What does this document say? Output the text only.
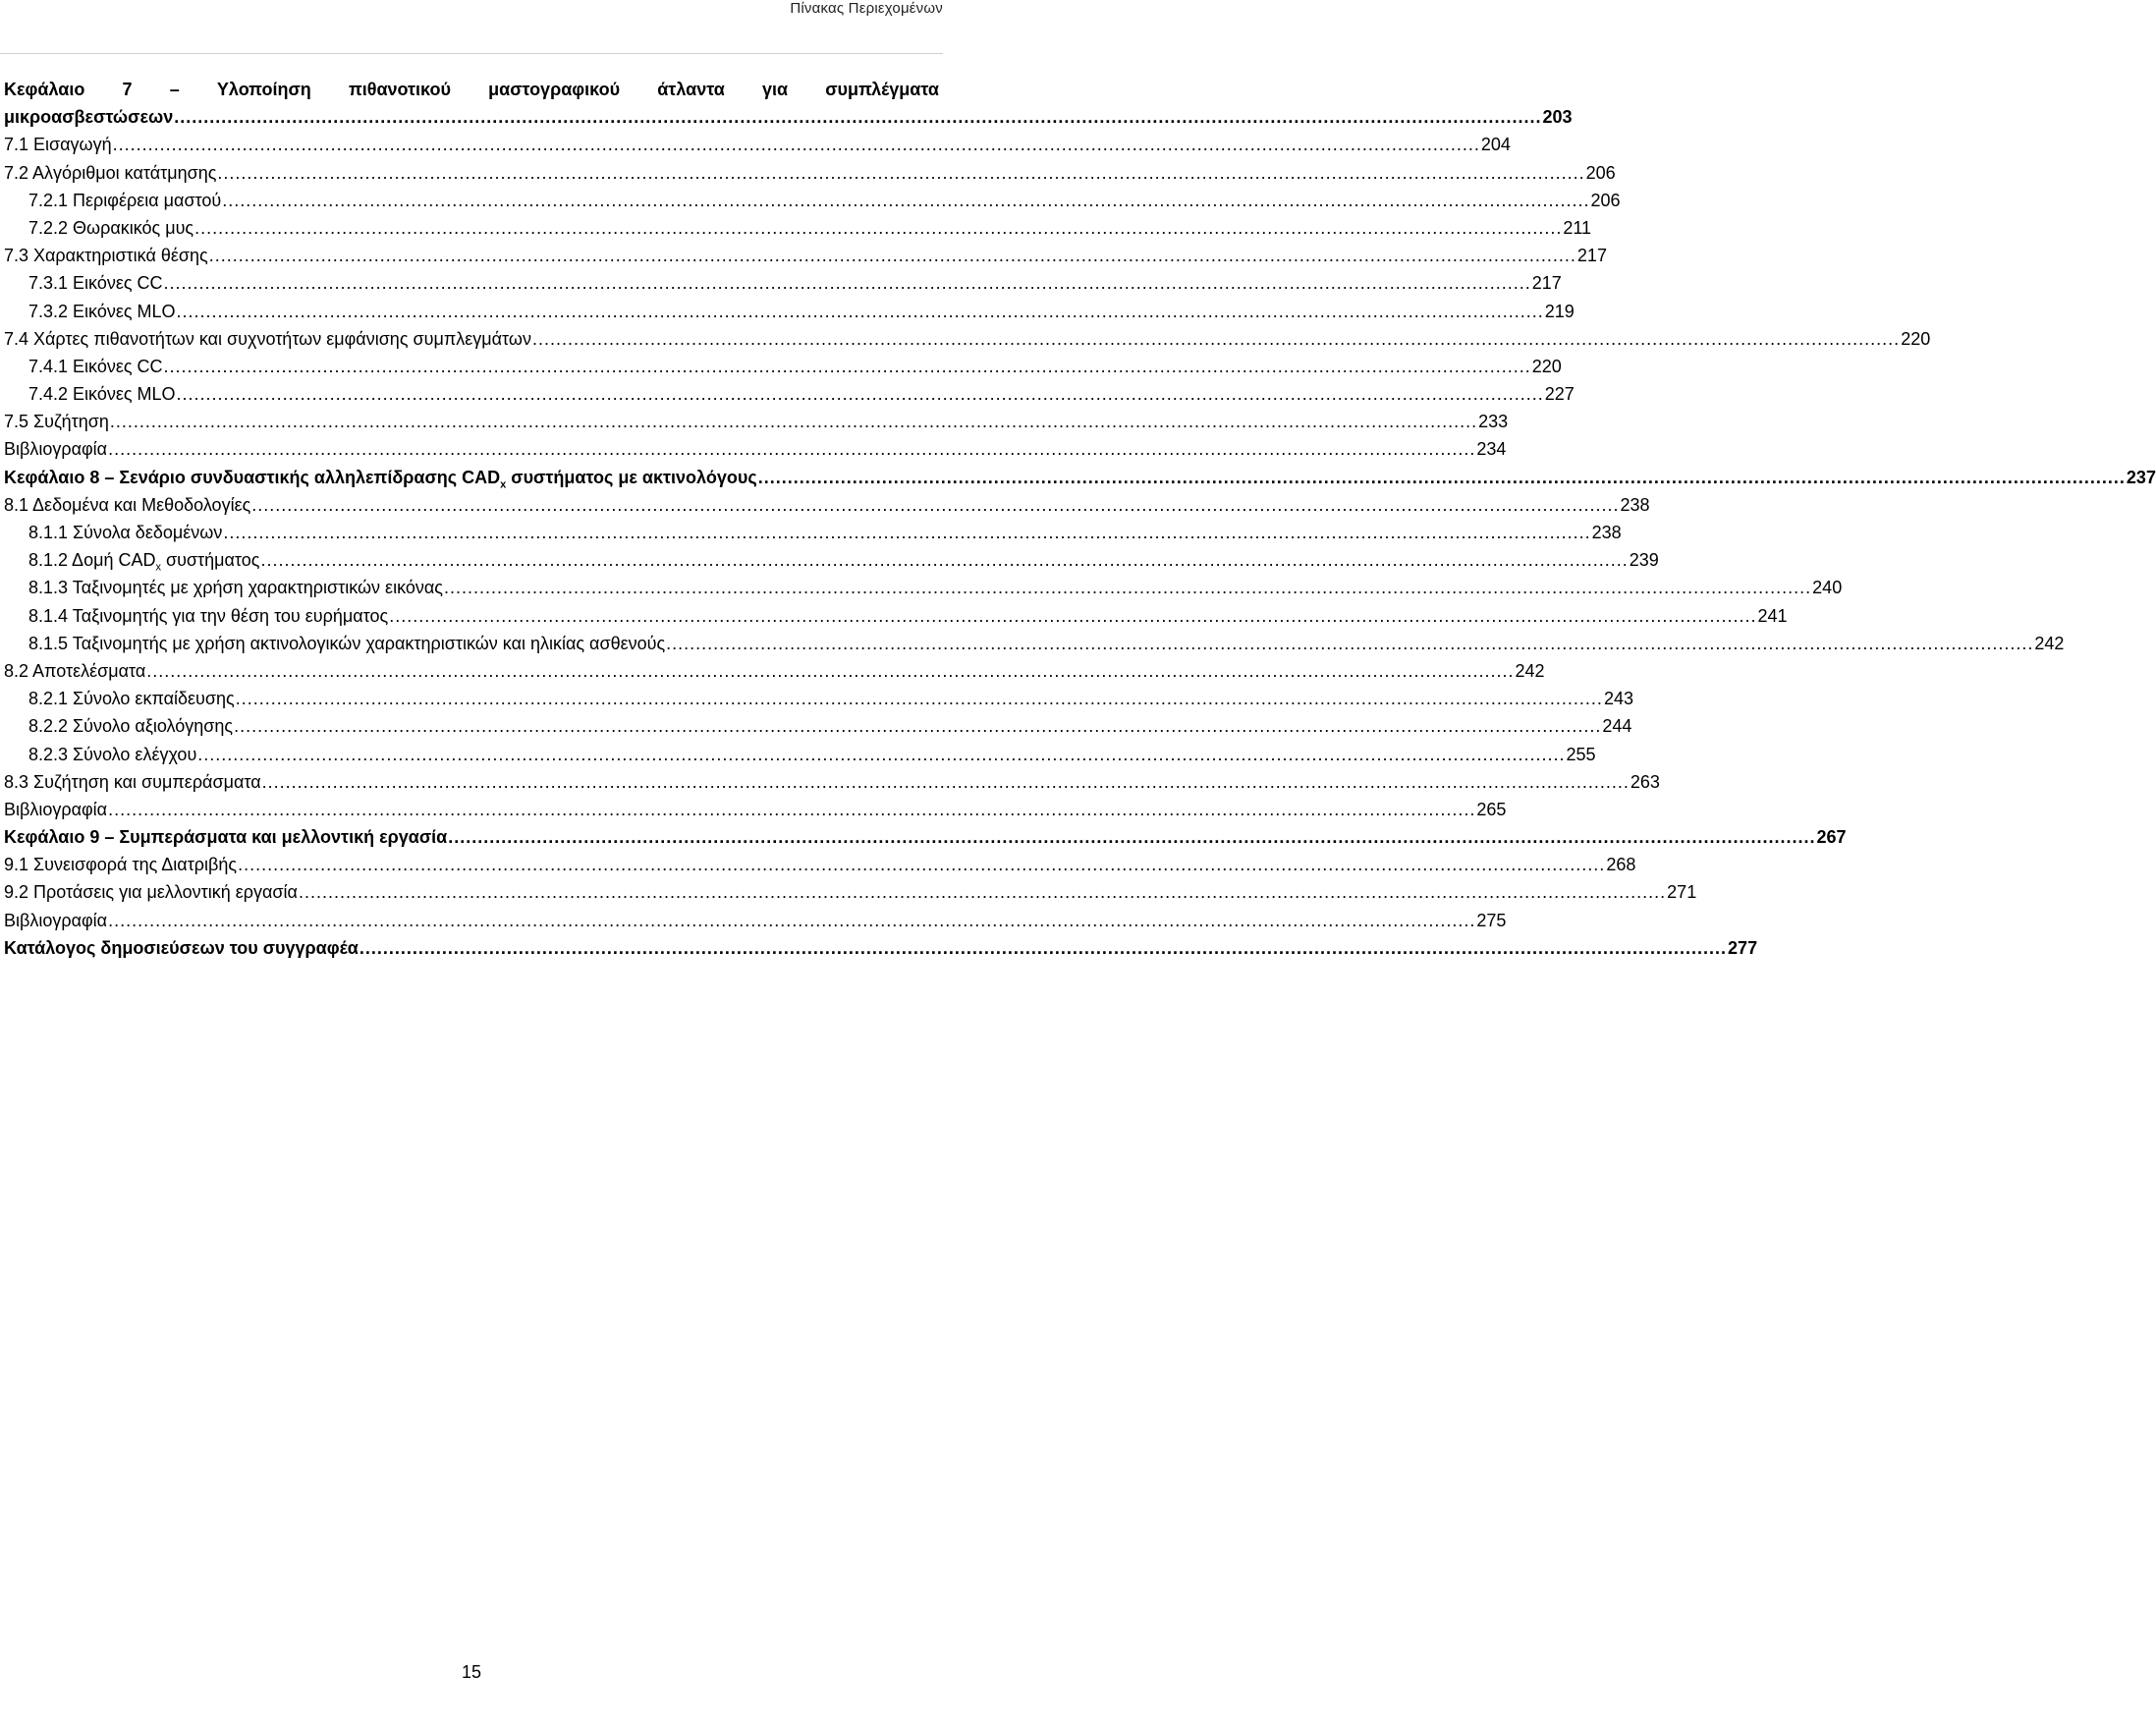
Πίνακας Περιεχομένων
Κεφάλαιο 7 – Υλοποίηση πιθανοτικού μαστογραφικού άτλαντα για συμπλέγματα
μικροασβεστώσεων .....	203
7.1 Εισαγωγή .....	204
7.2 Αλγόριθμοι κατάτμησης .....	206
7.2.1 Περιφέρεια μαστού .....	206
7.2.2 Θωρακικός μυς .....	211
7.3 Χαρακτηριστικά θέσης .....	217
7.3.1 Εικόνες CC .....	217
7.3.2 Εικόνες MLO .....	219
7.4 Χάρτες πιθανοτήτων και συχνοτήτων εμφάνισης συμπλεγμάτων .....	220
7.4.1 Εικόνες CC .....	220
7.4.2 Εικόνες MLO .....	227
7.5 Συζήτηση .....	233
Βιβλιογραφία .....	234
Κεφάλαιο 8 – Σενάριο συνδυαστικής αλληλεπίδρασης $CAD_x$ συστήματος με ακτινολόγους .....	237
8.1 Δεδομένα και Μεθοδολογίες .....	238
8.1.1 Σύνολα δεδομένων .....	238
8.1.2 Δομή $CAD_x$ συστήματος .....	239
8.1.3 Ταξινομητές με χρήση χαρακτηριστικών εικόνας .....	240
8.1.4 Ταξινομητής για την θέση του ευρήματος .....	241
8.1.5 Ταξινομητής με χρήση ακτινολογικών χαρακτηριστικών και ηλικίας ασθενούς .....	242
8.2 Αποτελέσματα .....	242
8.2.1 Σύνολο εκπαίδευσης .....	243
8.2.2 Σύνολο αξιολόγησης .....	244
8.2.3 Σύνολο ελέγχου .....	255
8.3 Συζήτηση και συμπεράσματα .....	263
Βιβλιογραφία .....	265
Κεφάλαιο 9 – Συμπεράσματα και μελλοντική εργασία .....	267
9.1 Συνεισφορά της Διατριβής .....	268
9.2 Προτάσεις για μελλοντική εργασία .....	271
Βιβλιογραφία .....	275
Κατάλογος δημοσιεύσεων του συγγραφέα .....	277
15
